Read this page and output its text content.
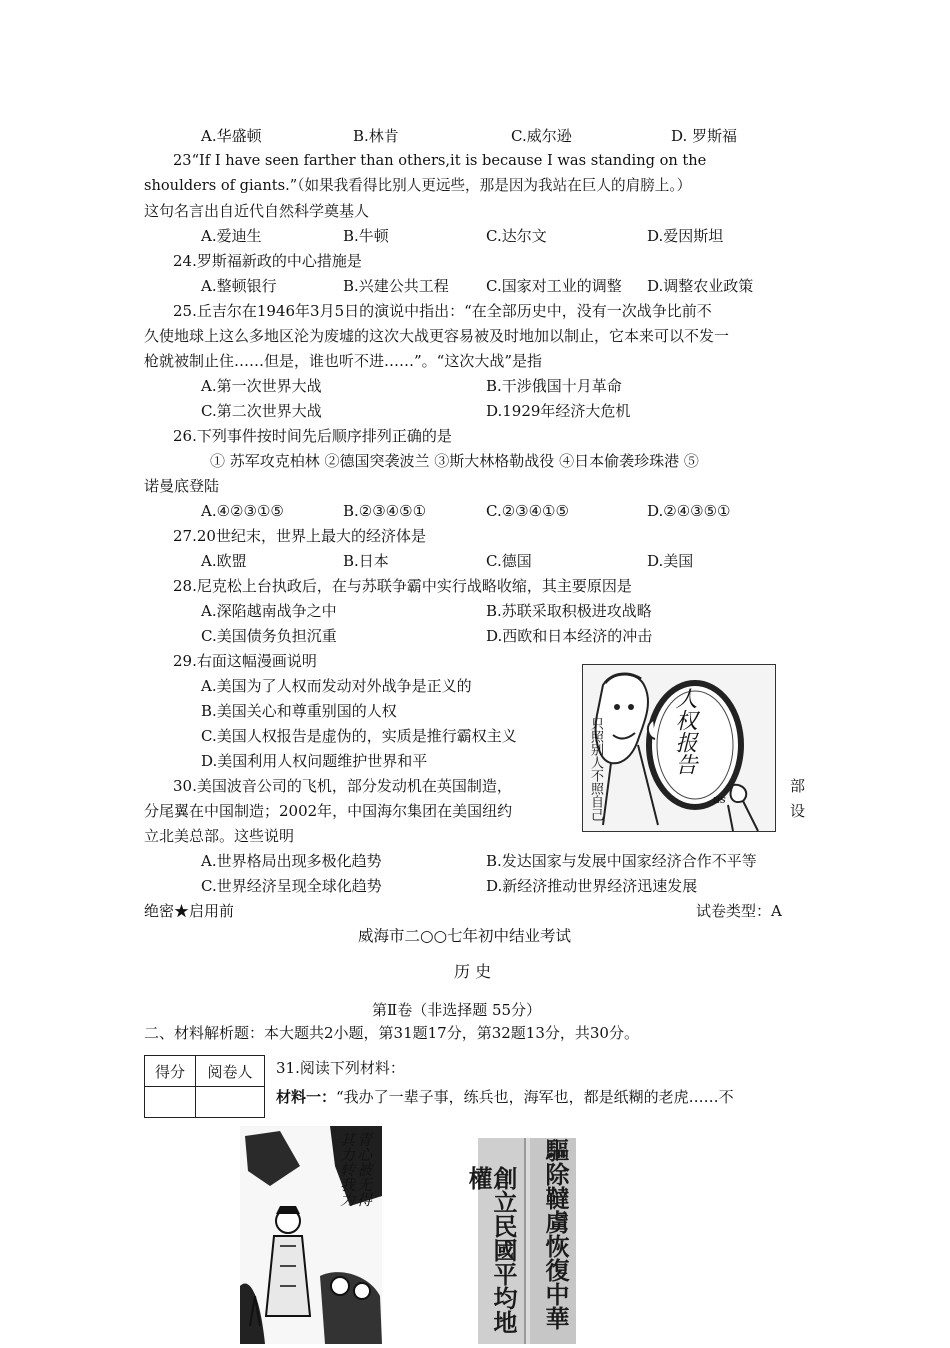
A.华盛顿	B.林肯	C.威尔逊	D. 罗斯福
23“If I have seen farther than others,it is because I was standing on the
shoulders of giants.”（如果我看得比别人更远些，那是因为我站在巨人的肩膀上。）
这句名言出自近代自然科学奠基人
A.爱迪生	B.牛顿	C.达尔文	D.爱因斯坦
24.罗斯福新政的中心措施是
A.整顿银行	B.兴建公共工程 C.国家对工业的调整 D.调整农业政策
25.丘吉尔在1946年3月5日的演说中指出：“在全部历史中，没有一次战争比前不
久使地球上这么多地区沦为废墟的这次大战更容易被及时地加以制止，它本来可以不发一
枪就被制止住……但是，谁也听不进……”。“这次大战”是指
A.第一次世界大战	B.干涉俄国十月革命
C.第二次世界大战	D.1929年经济大危机
26.下列事件按时间先后顺序排列正确的是
① 苏军攻克柏林 ②德国突袭波兰 ③斯大林格勒战役 ④日本偷袭珍珠港 ⑤
诺曼底登陆
A.④②③①⑤	B.②③④⑤①	C.②③④①⑤	D.②④③⑤①
27.20世纪末，世界上最大的经济体是
A.欧盟	B.日本	C.德国	D.美国
28.尼克松上台执政后，在与苏联争霸中实行战略收缩，其主要原因是
A.深陷越南战争之中	B.苏联采取积极进攻战略
C.美国债务负担沉重	D.西欧和日本经济的冲击
29.右面这幅漫画说明
A.美国为了人权而发动对外战争是正义的
B.美国关心和尊重别国的人权
C.美国人权报告是虚伪的，实质是推行霸权主义
D.美国利用人权问题维护世界和平	只照别人不照自己	人权报告
us
30.美国波音公司的飞机，部分发动机在英国制造，	部
分尾翼在中国制造；2002年，中国海尔集团在美国纽约	设
立北美总部。这些说明
A.世界格局出现多极化趋势	B.发达国家与发展中国家经济合作不平等
C.世界经济呈现全球化趋势	D.新经济推动世界经济迅速发展
绝密★启用前	试卷类型：A
威海市二○○七年初中结业考试
历 史
第Ⅱ卷（非选择题 55分）
二、材料解析题：本大题共2小题，第31题17分，第32题13分，共30分。
得分	阅卷人
	31.阅读下列材料：
材料一：“我办了一辈子事，练兵也，海军也，都是纸糊的老虎……不
青心被无得其力转我为	創立民國平均地權	驅除韃虜恢復中華
